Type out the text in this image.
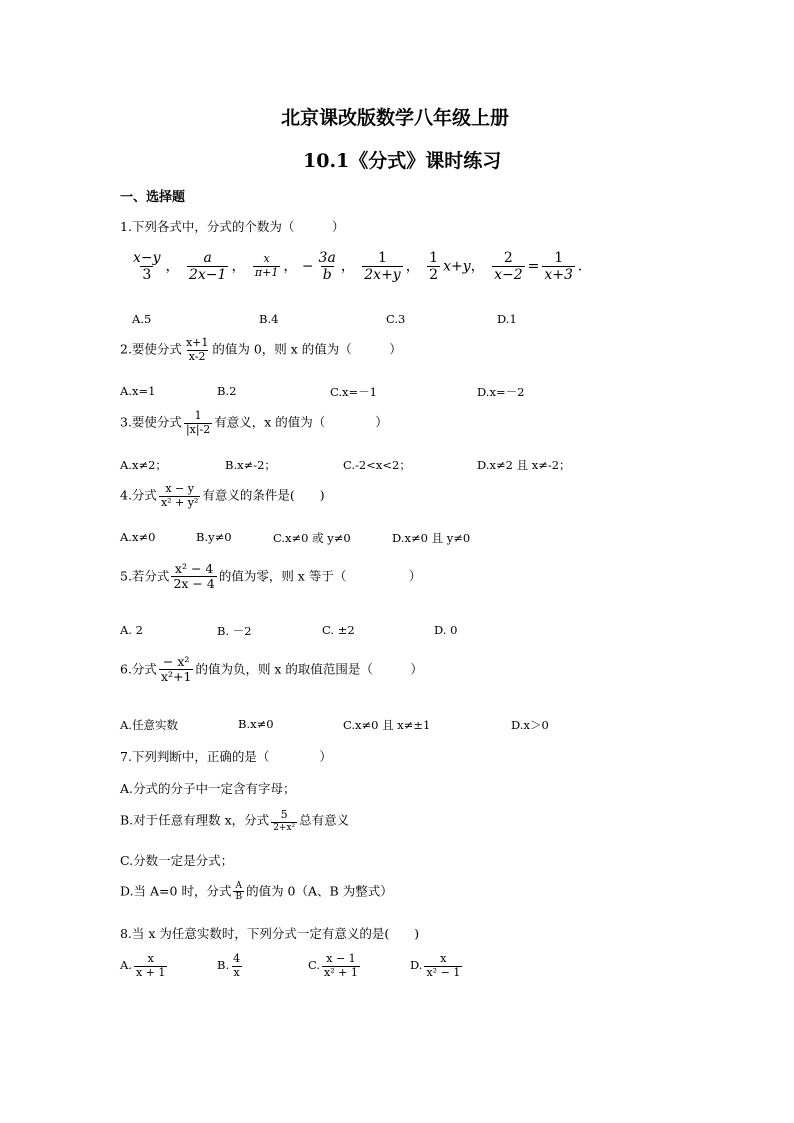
北京课改版数学八年级上册
10.1《分式》课时练习
一、选择题
1.下列各式中，分式的个数为（　　　）
$\frac{x-y}{3}$ ， $\frac{a}{2x-1}$ ， $\frac{x}{\pi+1}$ ， − $\frac{3a}{b}$ ， $\frac{1}{2x+y}$ ， $\frac{1}{2} x+y$， $\frac{2}{x-2} = \frac{1}{x+3}$ .
A.5	B.4	C.3	D.1
2.要使分式 $\frac{x+1}{x-2}$ 的值为 0，则 x 的值为（　　　）
A.x=1	B.2	C.x=－1	D.x=－2
3.要使分式 $\frac{1}{|x|-2}$ 有意义，x 的值为（　　　　）
A.x≠2；	B.x≠-2；	C.-2<x<2；	D.x≠2 且 x≠-2；
4.分式 $\frac{x - y}{\text{x² + y²}}$ 有意义的条件是(　　)
A.x≠0	B.y≠0	C.x≠0 或 y≠0	D.x≠0 且 y≠0
5.若分式 $\frac{\text{x² − 4}}{2x - 4}$ 的值为零，则 x 等于（　　　　　）
A. 2	B. －2	C. ±2	D. 0
6.分式 $\frac{\text{− x²}}{\text{x²+1}}$ 的值为负，则 x 的取值范围是（　　　）
A.任意实数	B.x≠0	C.x≠0 且 x≠±1	D.x＞0
7.下列判断中，正确的是（　　　　）
A.分式的分子中一定含有字母；
B.对于任意有理数 x，分式 $\frac{5}{\text{2+x²}}$ 总有意义
C.分数一定是分式；
D.当 A=0 时，分式 $\frac{A}{B}$ 的值为 0（A、B 为整式）
8.当 x 为任意实数时，下列分式一定有意义的是(　　)
A. $\frac{x}{x + 1}$	B. $\frac{4}{x}$	C. $\frac{x - 1}{\text{x² + 1}}$	D. $\frac{x}{\text{x² − 1}}$
